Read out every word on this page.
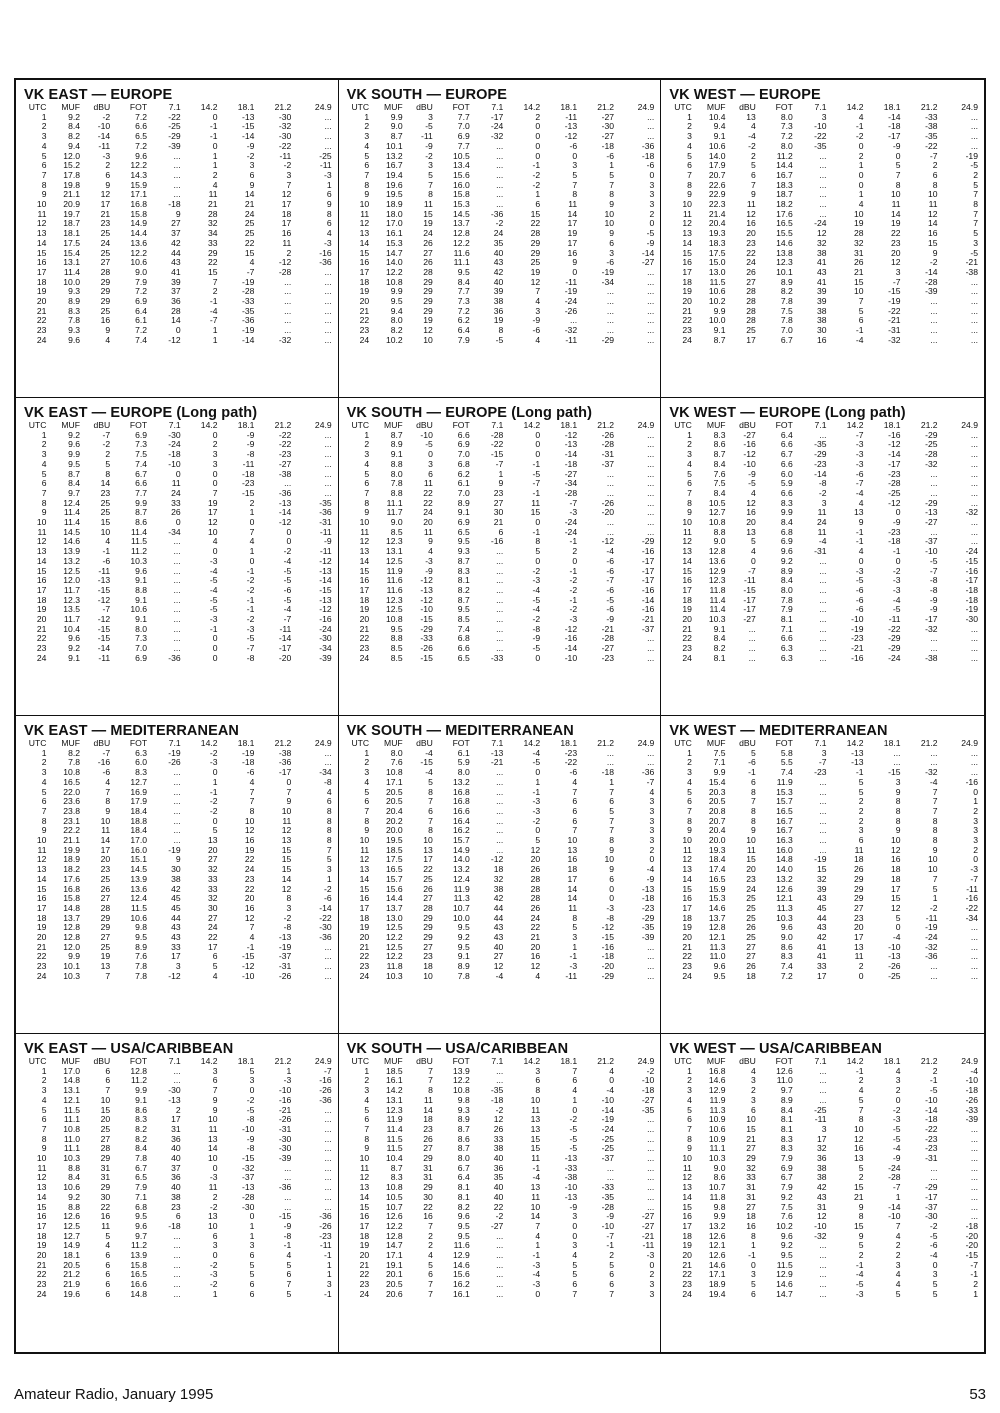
VK EAST — EUROPE
UTC	MUF	dBU	FOT	7.1	14.2	18.1	21.2	24.9
1	9.2	-2	7.2	-22	0	-13	-30	...
2	8.4	-10	6.6	-25	-1	-15	-32	...
3	8.2	-14	6.5	-29	-1	-14	-30	...
4	9.4	-11	7.2	-39	0	-9	-22	...
5	12.0	-3	9.6	...	1	-2	-11	-25
6	15.2	2	12.2	...	1	3	-2	-11
7	17.8	6	14.3	...	2	6	3	-3
8	19.8	9	15.9	...	4	9	7	1
9	21.1	12	17.1	...	11	14	12	6
10	20.9	17	16.8	-18	21	21	17	9
11	19.7	21	15.8	9	28	24	18	8
12	18.7	23	14.9	27	32	25	17	6
13	18.1	25	14.4	37	34	25	16	4
14	17.5	24	13.6	42	33	22	11	-3
15	15.4	25	12.2	44	29	15	2	-16
16	13.1	27	10.6	43	22	4	-12	-36
17	11.4	28	9.0	41	15	-7	-28	...
18	10.0	29	7.9	39	7	-19	...	...
19	9.3	29	7.2	37	2	-28	...	...
20	8.9	29	6.9	36	-1	-33	...	...
21	8.3	25	6.4	28	-4	-35	...	...
22	7.8	16	6.1	14	-7	-36	...	...
23	9.3	9	7.2	0	1	-19	...	...
24	9.6	4	7.4	-12	1	-14	-32	...
VK SOUTH — EUROPE
UTC	MUF	dBU	FOT	7.1	14.2	18.1	21.2	24.9
1	9.9	3	7.7	-17	2	-11	-27	...
2	9.0	-5	7.0	-24	0	-13	-30	...
3	8.7	-11	6.9	-32	0	-12	-27	...
4	10.1	-9	7.7	...	0	-6	-18	-36
5	13.2	-2	10.5	...	0	0	-6	-18
6	16.7	3	13.4	...	-1	3	1	-6
7	19.4	5	15.6	...	-2	5	5	0
8	19.6	7	16.0	...	-2	7	7	3
9	19.5	8	15.8	...	1	8	8	3
10	18.9	11	15.3	...	6	11	9	3
11	18.0	15	14.5	-36	15	14	10	2
12	17.0	19	13.7	-2	22	17	10	0
13	16.1	24	12.8	24	28	19	9	-5
14	15.3	26	12.2	35	29	17	6	-9
15	14.7	27	11.6	40	29	16	3	-14
16	14.0	26	11.1	43	25	9	-6	-27
17	12.2	28	9.5	42	19	0	-19	...
18	10.8	29	8.4	40	12	-11	-34	...
19	9.9	29	7.7	39	7	-19	...	...
20	9.5	29	7.3	38	4	-24	...	...
21	9.4	29	7.2	36	3	-26	...	...
22	8.0	19	6.2	19	-9	...	...	...
23	8.2	12	6.4	8	-6	-32	...	...
24	10.2	10	7.9	-5	4	-11	-29	...
VK WEST — EUROPE
UTC	MUF	dBU	FOT	7.1	14.2	18.1	21.2	24.9
1	10.4	13	8.0	3	4	-14	-33	...
2	9.4	4	7.3	-10	-1	-18	-38	...
3	9.1	-4	7.2	-22	-2	-17	-35	...
4	10.6	-2	8.0	-35	0	-9	-22	...
5	14.0	2	11.2	...	2	0	-7	-19
6	17.9	5	14.4	...	1	5	2	-5
7	20.7	6	16.7	...	0	7	6	2
8	22.6	7	18.3	...	0	8	8	5
9	22.9	9	18.7	...	1	10	10	7
10	22.3	11	18.2	...	4	11	11	8
11	21.4	12	17.6	...	10	14	12	7
12	20.4	16	16.5	-24	19	19	14	7
13	19.3	20	15.5	12	28	22	16	5
14	18.3	23	14.6	32	32	23	15	3
15	17.5	22	13.8	38	31	20	9	-5
16	15.0	24	12.3	41	26	12	-2	-21
17	13.0	26	10.1	43	21	3	-14	-38
18	11.5	27	8.9	41	15	-7	-28	...
19	10.6	28	8.2	39	10	-15	-39	...
20	10.2	28	7.8	39	7	-19	...	...
21	9.9	28	7.5	38	5	-22	...	...
22	10.0	28	7.8	38	6	-21	...	...
23	9.1	25	7.0	30	-1	-31	...	...
24	8.7	17	6.7	16	-4	-32	...	...
VK EAST — EUROPE (Long path)
UTC	MUF	dBU	FOT	7.1	14.2	18.1	21.2	24.9
1	9.2	-7	6.9	-30	0	-9	-22	...
2	9.6	-2	7.3	-24	2	-9	-22	...
3	9.9	2	7.5	-18	3	-8	-23	...
4	9.5	5	7.4	-10	3	-11	-27	...
5	8.7	8	6.7	0	0	-18	-38	...
6	8.4	14	6.6	11	0	-23	...	...
7	9.7	23	7.7	24	7	-15	-36	...
8	12.4	25	9.9	33	19	2	-13	-35
9	11.4	25	8.7	26	17	1	-14	-36
10	11.4	15	8.6	0	12	0	-12	-31
11	14.5	10	11.4	-34	10	7	0	-11
12	14.6	4	11.5	...	4	4	0	-9
13	13.9	-1	11.2	...	0	1	-2	-11
14	13.2	-6	10.3	...	-3	0	-4	-12
15	12.5	-11	9.6	...	-4	-1	-5	-13
16	12.0	-13	9.1	...	-5	-2	-5	-14
17	11.7	-15	8.8	...	-4	-2	-6	-15
18	12.3	-12	9.1	...	-5	-1	-5	-13
19	13.5	-7	10.6	...	-5	-1	-4	-12
20	11.7	-12	9.1	...	-3	-2	-7	-16
21	10.4	-15	8.0	...	-1	-3	-11	-24
22	9.6	-15	7.3	...	0	-5	-14	-30
23	9.2	-14	7.0	...	0	-7	-17	-34
24	9.1	-11	6.9	-36	0	-8	-20	-39
VK SOUTH — EUROPE (Long path)
UTC	MUF	dBU	FOT	7.1	14.2	18.1	21.2	24.9
1	8.7	-10	6.6	-28	0	-12	-26	...
2	8.9	-5	6.9	-22	0	-13	-28	...
3	9.1	0	7.0	-15	0	-14	-31	...
4	8.8	3	6.8	-7	-1	-18	-37	...
5	8.0	6	6.2	1	-5	-27	...	...
6	7.8	11	6.1	9	-7	-34	...	...
7	8.8	22	7.0	23	-1	-28	...	...
8	11.1	22	8.9	27	11	-7	-26	...
9	11.7	24	9.1	30	15	-3	-20	...
10	9.0	20	6.9	21	0	-24	...	...
11	8.5	11	6.5	6	-1	-24	...	...
12	12.3	9	9.5	-16	8	-1	-12	-29
13	13.1	4	9.3	...	5	2	-4	-16
14	12.5	-3	8.7	...	0	0	-6	-17
15	11.9	-9	8.3	...	-2	-1	-6	-17
16	11.6	-12	8.1	...	-3	-2	-7	-17
17	11.6	-13	8.2	...	-4	-2	-6	-16
18	12.3	-12	8.7	...	-5	-1	-5	-14
19	12.5	-10	9.5	...	-4	-2	-6	-16
20	10.8	-15	8.5	...	-2	-3	-9	-21
21	9.5	-29	7.4	...	-8	-12	-21	-37
22	8.8	-33	6.8	...	-9	-16	-28	...
23	8.5	-26	6.6	...	-5	-14	-27	...
24	8.5	-15	6.5	-33	0	-10	-23	...
VK WEST — EUROPE (Long path)
UTC	MUF	dBU	FOT	7.1	14.2	18.1	21.2	24.9
1	8.3	-27	6.4	...	-7	-16	-29	...
2	8.6	-16	6.6	-35	-3	-12	-25	...
3	8.7	-12	6.7	-29	-3	-14	-28	...
4	8.4	-10	6.6	-23	-3	-17	-32	...
5	7.6	-9	6.0	-14	-6	-23	...	...
6	7.5	-5	5.9	-8	-7	-28	...	...
7	8.4	4	6.6	-2	-4	-25	...	...
8	10.5	12	8.3	3	4	-12	-29	...
9	12.7	16	9.9	11	13	0	-13	-32
10	10.8	20	8.4	24	9	-9	-27	...
11	8.8	13	6.8	11	-1	-23	...	...
12	9.0	5	6.9	-4	-1	-18	-37	...
13	12.8	4	9.6	-31	4	-1	-10	-24
14	13.6	0	9.2	...	0	0	-5	-15
15	12.9	-7	8.9	...	-3	-2	-7	-16
16	12.3	-11	8.4	...	-5	-3	-8	-17
17	11.8	-15	8.0	...	-6	-3	-8	-18
18	11.4	-17	7.8	...	-6	-4	-9	-18
19	11.4	-17	7.9	...	-6	-5	-9	-19
20	10.3	-27	8.1	...	-10	-11	-17	-30
21	9.1	...	7.1	...	-19	-22	-32	...
22	8.4	...	6.6	...	-23	-29	...	...
23	8.2	...	6.3	...	-21	-29	...	...
24	8.1	...	6.3	...	-16	-24	-38	...
VK EAST — MEDITERRANEAN
UTC	MUF	dBU	FOT	7.1	14.2	18.1	21.2	24.9
1	8.2	-7	6.3	-19	-2	-19	-38	...
2	7.8	-16	6.0	-26	-3	-18	-36	...
3	10.8	-6	8.3	...	0	-6	-17	-34
4	16.5	4	12.7	...	1	4	0	-8
5	22.0	7	16.9	...	-1	7	7	4
6	23.6	8	17.9	...	-2	7	9	6
7	23.8	9	18.4	...	-2	8	10	8
8	23.1	10	18.8	...	0	10	11	8
9	22.2	11	18.4	...	5	12	12	8
10	21.1	14	17.0	...	13	16	13	8
11	19.9	17	16.0	-19	20	19	15	7
12	18.9	20	15.1	9	27	22	15	5
13	18.2	23	14.5	30	32	24	15	3
14	17.6	25	13.9	38	33	23	14	1
15	16.8	26	13.6	42	33	22	12	-2
16	15.8	27	12.4	45	32	20	8	-6
17	14.8	28	11.5	45	30	16	3	-14
18	13.7	29	10.6	44	27	12	-2	-22
19	12.8	29	9.8	43	24	7	-8	-30
20	12.8	27	9.5	43	22	4	-13	-36
21	12.0	25	8.9	33	17	-1	-19	...
22	9.9	19	7.6	17	6	-15	-37	...
23	10.1	13	7.8	3	5	-12	-31	...
24	10.3	7	7.8	-12	4	-10	-26	...
VK SOUTH — MEDITERRANEAN
UTC	MUF	dBU	FOT	7.1	14.2	18.1	21.2	24.9
1	8.0	-4	6.1	-13	-4	-23	...	...
2	7.6	-15	5.9	-21	-5	-22	...	...
3	10.8	-4	8.0	...	0	-6	-18	-36
4	17.1	5	13.2	...	1	4	1	-7
5	20.5	8	16.8	...	-1	7	7	4
6	20.5	7	16.8	...	-3	6	6	3
7	20.4	6	16.6	...	-3	6	5	3
8	20.2	7	16.4	...	-2	6	7	3
9	20.0	8	16.2	...	0	7	7	3
10	19.5	10	15.7	...	5	10	8	3
11	18.5	13	14.9	...	12	13	9	2
12	17.5	17	14.0	-12	20	16	10	0
13	16.5	22	13.2	18	26	18	9	-4
14	15.7	25	12.4	32	28	17	6	-9
15	15.6	26	11.9	38	28	14	0	-13
16	14.4	27	11.3	42	28	14	0	-18
17	13.7	28	10.7	44	26	11	-3	-23
18	13.0	29	10.0	44	24	8	-8	-29
19	12.5	29	9.5	43	22	5	-12	-35
20	12.2	29	9.2	43	21	3	-15	-39
21	12.5	27	9.5	40	20	1	-16	...
22	12.2	23	9.1	27	16	-1	-18	...
23	11.8	18	8.9	12	12	-3	-20	...
24	10.3	10	7.8	-4	4	-11	-29	...
VK WEST — MEDITERRANEAN
UTC	MUF	dBU	FOT	7.1	14.2	18.1	21.2	24.9
1	7.5	5	5.8	3	-13	...	...	...
2	7.1	-6	5.5	-7	-13	...	...	...
3	9.9	-1	7.4	-23	-1	-15	-32	...
4	15.4	6	11.9	...	5	3	-4	-16
5	20.3	8	15.3	...	5	9	7	0
6	20.5	7	15.7	...	2	8	7	1
7	20.8	8	16.5	...	2	8	7	2
8	20.7	8	16.7	...	2	8	8	3
9	20.4	9	16.7	...	3	9	8	3
10	20.0	10	16.3	...	6	10	8	3
11	19.3	11	16.0	...	11	12	9	2
12	18.4	15	14.8	-19	18	16	10	0
13	17.4	20	14.0	15	26	18	10	-3
14	16.5	23	13.2	32	29	18	7	-7
15	15.9	24	12.6	39	29	17	5	-11
16	15.3	25	12.1	43	29	15	1	-16
17	14.6	25	11.3	45	27	12	-2	-22
18	13.7	25	10.3	44	23	5	-11	-34
19	12.8	26	9.6	43	20	0	-19	...
20	12.1	25	9.0	42	17	-4	-24	...
21	11.3	27	8.6	41	13	-10	-32	...
22	11.0	27	8.3	41	11	-13	-36	...
23	9.6	26	7.4	33	2	-26	...	...
24	9.5	18	7.2	17	0	-25	...	...
VK EAST — USA/CARIBBEAN
UTC	MUF	dBU	FOT	7.1	14.2	18.1	21.2	24.9
1	17.0	6	12.8	...	3	5	1	-7
2	14.8	6	11.2	...	6	3	-3	-16
3	13.1	7	9.9	-30	7	0	-10	-26
4	12.1	10	9.1	-13	9	-2	-16	-36
5	11.5	15	8.6	2	9	-5	-21	...
6	11.1	20	8.3	17	10	-8	-26	...
7	10.8	25	8.2	31	11	-10	-31	...
8	11.0	27	8.2	36	13	-9	-30	...
9	11.1	28	8.4	40	14	-8	-30	...
10	10.3	29	7.8	40	10	-15	-39	...
11	8.8	31	6.7	37	0	-32	...	...
12	8.4	31	6.5	36	-3	-37	...	...
13	10.6	29	7.9	40	11	-13	-36	...
14	9.2	30	7.1	38	2	-28	...	...
15	8.8	22	6.8	23	-2	-30	...	...
16	12.6	16	9.5	6	13	0	-15	-36
17	12.5	11	9.6	-18	10	1	-9	-26
18	12.7	5	9.7	...	6	1	-8	-23
19	14.9	4	11.2	...	3	3	-1	-11
20	18.1	6	13.9	...	0	6	4	-1
21	20.5	6	15.8	...	-2	5	5	1
22	21.2	6	16.5	...	-3	5	6	1
23	21.9	6	16.6	...	-2	6	7	3
24	19.6	6	14.8	...	1	6	5	-1
VK SOUTH — USA/CARIBBEAN
UTC	MUF	dBU	FOT	7.1	14.2	18.1	21.2	24.9
1	18.5	7	13.9	...	3	7	4	-2
2	16.1	7	12.2	...	6	6	0	-10
3	14.2	8	10.8	-35	8	4	-4	-18
4	13.1	11	9.8	-18	10	1	-10	-27
5	12.3	14	9.3	-2	11	0	-14	-35
6	11.9	18	8.9	12	13	-2	-19	...
7	11.4	23	8.7	26	13	-5	-24	...
8	11.5	26	8.6	33	15	-5	-25	...
9	11.5	27	8.7	38	15	-5	-25	...
10	10.4	29	8.0	40	11	-13	-37	...
11	8.7	31	6.7	36	-1	-33	...	...
12	8.3	31	6.4	35	-4	-38	...	...
13	10.8	29	8.1	40	13	-10	-33	...
14	10.5	30	8.1	40	11	-13	-35	...
15	10.7	22	8.2	22	10	-9	-28	...
16	12.6	16	9.6	-2	14	3	-9	-27
17	12.2	7	9.5	-27	7	0	-10	-27
18	12.8	2	9.5	...	4	0	-7	-21
19	14.7	2	11.6	...	1	3	-1	-11
20	17.1	4	12.9	...	-1	4	2	-3
21	19.1	5	14.6	...	-3	5	5	0
22	20.1	6	15.6	...	-4	5	6	2
23	20.5	7	16.2	...	-3	6	6	3
24	20.6	7	16.1	...	0	7	7	3
VK WEST — USA/CARIBBEAN
UTC	MUF	dBU	FOT	7.1	14.2	18.1	21.2	24.9
1	16.8	4	12.6	...	-1	4	2	-4
2	14.6	3	11.0	...	2	3	-1	-10
3	12.9	2	9.7	...	4	2	-5	-18
4	11.9	3	8.9	...	5	0	-10	-26
5	11.3	6	8.4	-25	7	-2	-14	-33
6	10.9	10	8.1	-11	8	-3	-18	-39
7	10.6	15	8.1	3	10	-5	-22	...
8	10.9	21	8.3	17	12	-5	-23	...
9	11.1	27	8.3	32	16	-4	-23	...
10	10.3	29	7.9	36	13	-9	-31	...
11	9.0	32	6.9	38	5	-24	...	...
12	8.6	33	6.7	38	2	-28	...	...
13	10.7	31	7.9	42	15	-7	-29	...
14	11.8	31	9.2	43	21	1	-17	...
15	9.8	27	7.5	31	9	-14	-37	...
16	9.9	18	7.6	12	8	-10	-30	...
17	13.2	16	10.2	-10	15	7	-2	-18
18	12.6	8	9.6	-32	9	4	-5	-20
19	12.1	1	9.2	...	5	2	-6	-20
20	12.6	-1	9.5	...	2	2	-4	-15
21	14.6	0	11.5	...	-1	3	0	-7
22	17.1	3	12.9	...	-4	4	3	-1
23	18.9	5	14.6	...	-5	4	5	2
24	19.4	6	14.7	...	-3	5	5	1
Amateur Radio, January 1995	53
